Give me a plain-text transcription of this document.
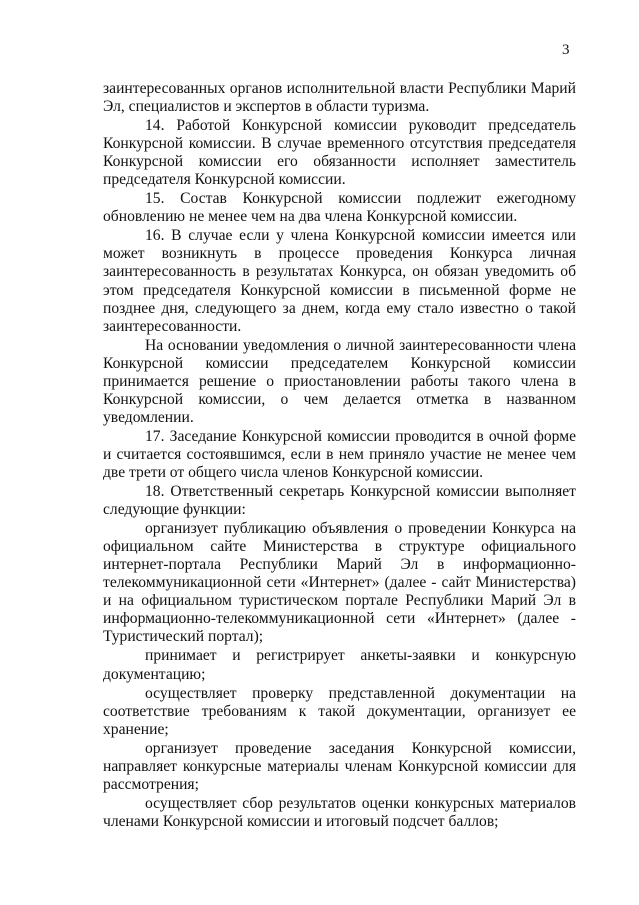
3

заинтересованных органов исполнительной власти Республики Марий Эл, специалистов и экспертов в области туризма.

14. Работой Конкурсной комиссии руководит председатель Конкурсной комиссии. В случае временного отсутствия председателя Конкурсной комиссии его обязанности исполняет заместитель председателя Конкурсной комиссии.

15. Состав Конкурсной комиссии подлежит ежегодному обновлению не менее чем на два члена Конкурсной комиссии.

16. В случае если у члена Конкурсной комиссии имеется или может возникнуть в процессе проведения Конкурса личная заинтересованность в результатах Конкурса, он обязан уведомить об этом председателя Конкурсной комиссии в письменной форме не позднее дня, следующего за днем, когда ему стало известно о такой заинтересованности.

На основании уведомления о личной заинтересованности члена Конкурсной комиссии председателем Конкурсной комиссии принимается решение о приостановлении работы такого члена в Конкурсной комиссии, о чем делается отметка в названном уведомлении.

17. Заседание Конкурсной комиссии проводится в очной форме и считается состоявшимся, если в нем приняло участие не менее чем две трети от общего числа членов Конкурсной комиссии.

18. Ответственный секретарь Конкурсной комиссии выполняет следующие функции:

организует публикацию объявления о проведении Конкурса на официальном сайте Министерства в структуре официального интернет-портала Республики Марий Эл в информационно-телекоммуникационной сети «Интернет» (далее - сайт Министерства) и на официальном туристическом портале Республики Марий Эл в информационно-телекоммуникационной сети «Интернет» (далее - Туристический портал);

принимает и регистрирует анкеты-заявки и конкурсную документацию;

осуществляет проверку представленной документации на соответствие требованиям к такой документации, организует ее хранение;

организует проведение заседания Конкурсной комиссии, направляет конкурсные материалы членам Конкурсной комиссии для рассмотрения;

осуществляет сбор результатов оценки конкурсных материалов членами Конкурсной комиссии и итоговый подсчет баллов;
